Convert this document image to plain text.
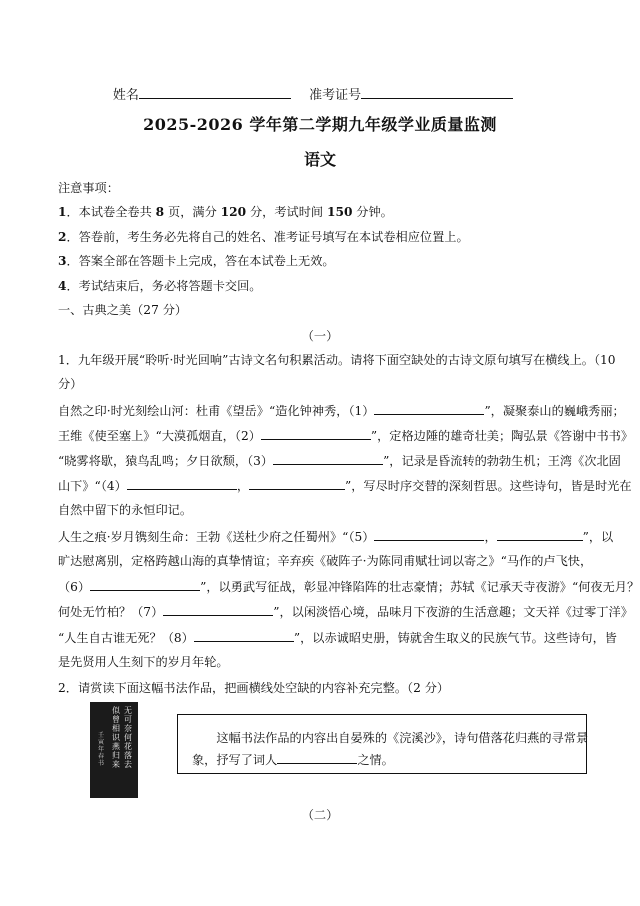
姓名	准考证号
2025-2026 学年第二学期九年级学业质量监测
语文
注意事项：
1．本试卷全卷共 8 页，满分 120 分，考试时间 150 分钟。
2．答卷前，考生务必先将自己的姓名、准考证号填写在本试卷相应位置上。
3．答案全部在答题卡上完成，答在本试卷上无效。
4．考试结束后，务必将答题卡交回。
一、古典之美（27 分）
（一）
1．九年级开展“聆听·时光回响”古诗文名句积累活动。请将下面空缺处的古诗文原句填写在横线上。（10
分）
自然之印·时光刻绘山河：杜甫《望岳》“造化钟神秀，（1）	”，凝聚泰山的巍峨秀丽；
王维《使至塞上》“大漠孤烟直，（2）	”，定格边陲的雄奇壮美；陶弘景《答谢中书书》
“晓雾将歇，猿鸟乱鸣；夕日欲颓，（3）	”，记录是昏流转的勃勃生机；王湾《次北固
山下》“（4）	，	”，写尽时序交替的深刻哲思。这些诗句，皆是时光在
自然中留下的永恒印记。
人生之痕·岁月镌刻生命：王勃《送杜少府之任蜀州》“（5）	，	”，以
旷达慰离别，定格跨越山海的真挚情谊；辛弃疾《破阵子·为陈同甫赋壮词以寄之》“马作的卢飞快，
（6）	”，以勇武写征战，彰显冲锋陷阵的壮志豪情；苏轼《记承天寺夜游》“何夜无月？
何处无竹柏？（7）	”，以闲淡悟心境，品味月下夜游的生活意趣；文天祥《过零丁洋》
“人生自古谁无死？（8）	”，以赤诚昭史册，铸就舍生取义的民族气节。这些诗句，皆
是先贤用人生刻下的岁月年轮。
2．请赏读下面这幅书法作品，把画横线处空缺的内容补充完整。（2 分）
无可奈何花落去
似曾相识燕归来
壬寅年春书
这幅书法作品的内容出自晏殊的《浣溪沙》，诗句借落花归燕的寻常景
象，抒写了词人	之情。
（二）
